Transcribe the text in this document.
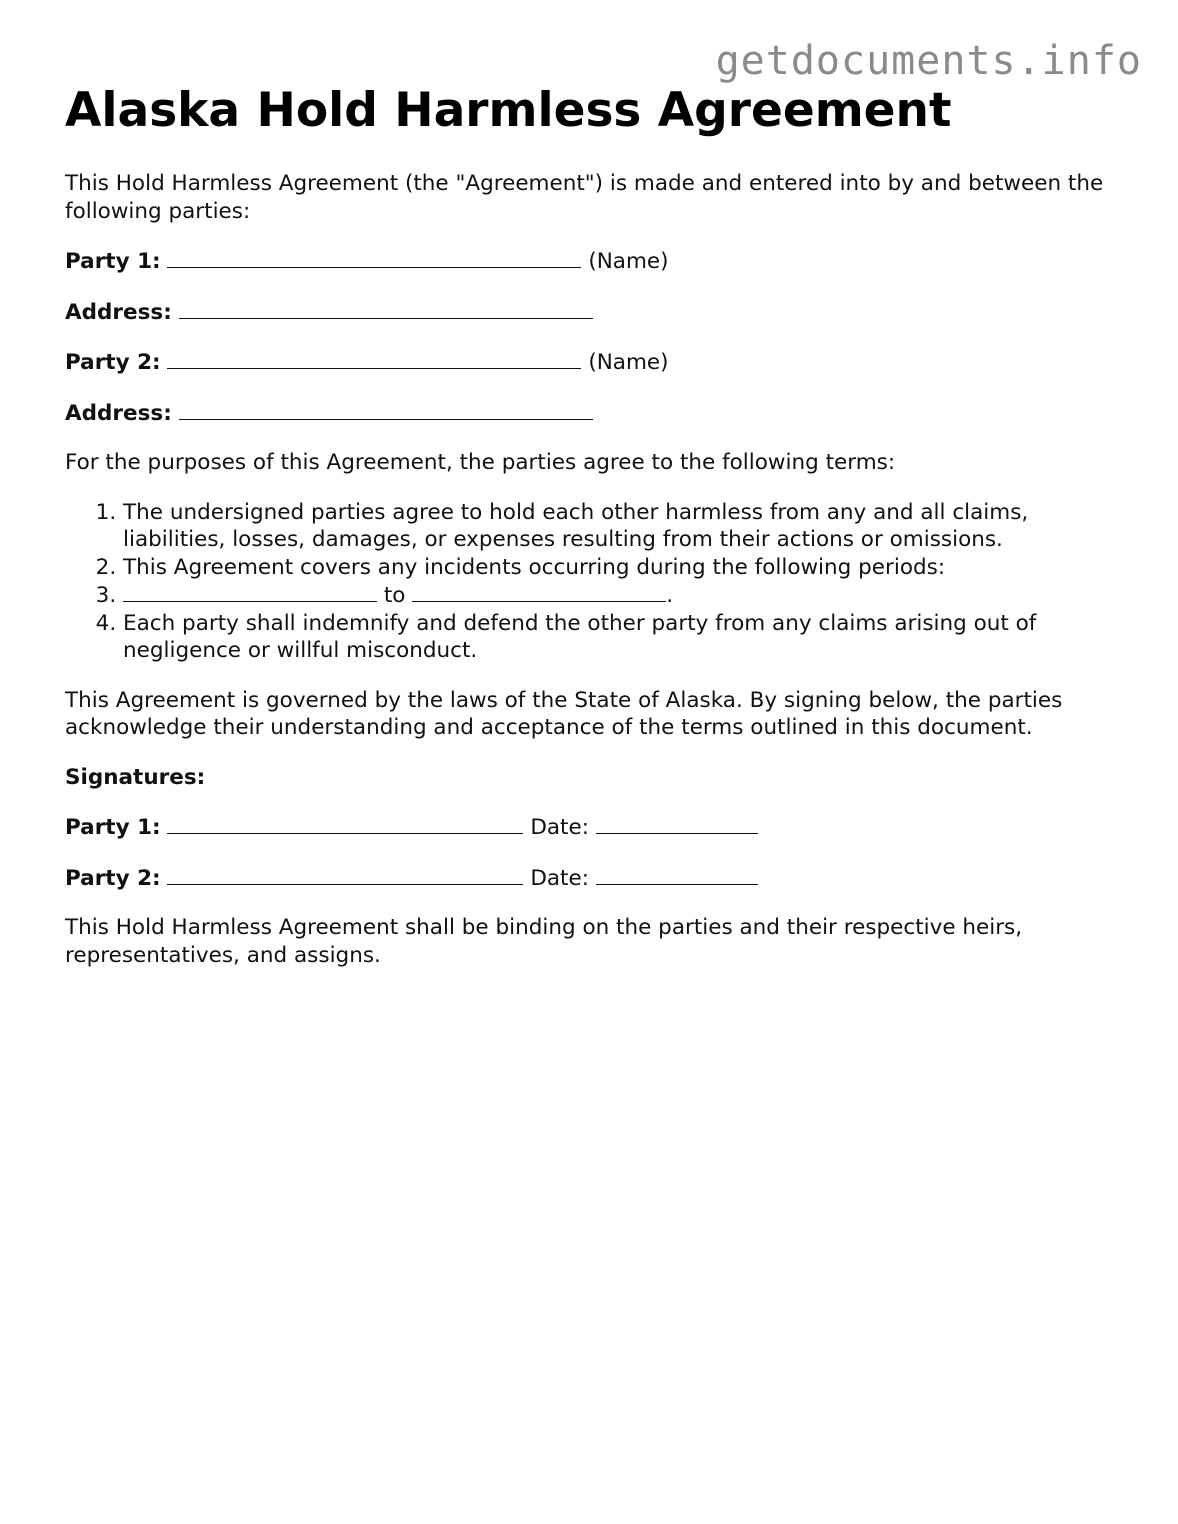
getdocuments.info
Alaska Hold Harmless Agreement

This Hold Harmless Agreement (the "Agreement") is made and entered into by and between the following parties:

Party 1:	(Name)
Address:
Party 2:	(Name)
Address:

For the purposes of this Agreement, the parties agree to the following terms:

1. The undersigned parties agree to hold each other harmless from any and all claims, liabilities, losses, damages, or expenses resulting from their actions or omissions.
2. This Agreement covers any incidents occurring during the following periods:
3. to	.
4. Each party shall indemnify and defend the other party from any claims arising out of negligence or willful misconduct.

This Agreement is governed by the laws of the State of Alaska. By signing below, the parties acknowledge their understanding and acceptance of the terms outlined in this document.

Signatures:

Party 1:	Date:
Party 2:	Date:

This Hold Harmless Agreement shall be binding on the parties and their respective heirs, representatives, and assigns.
